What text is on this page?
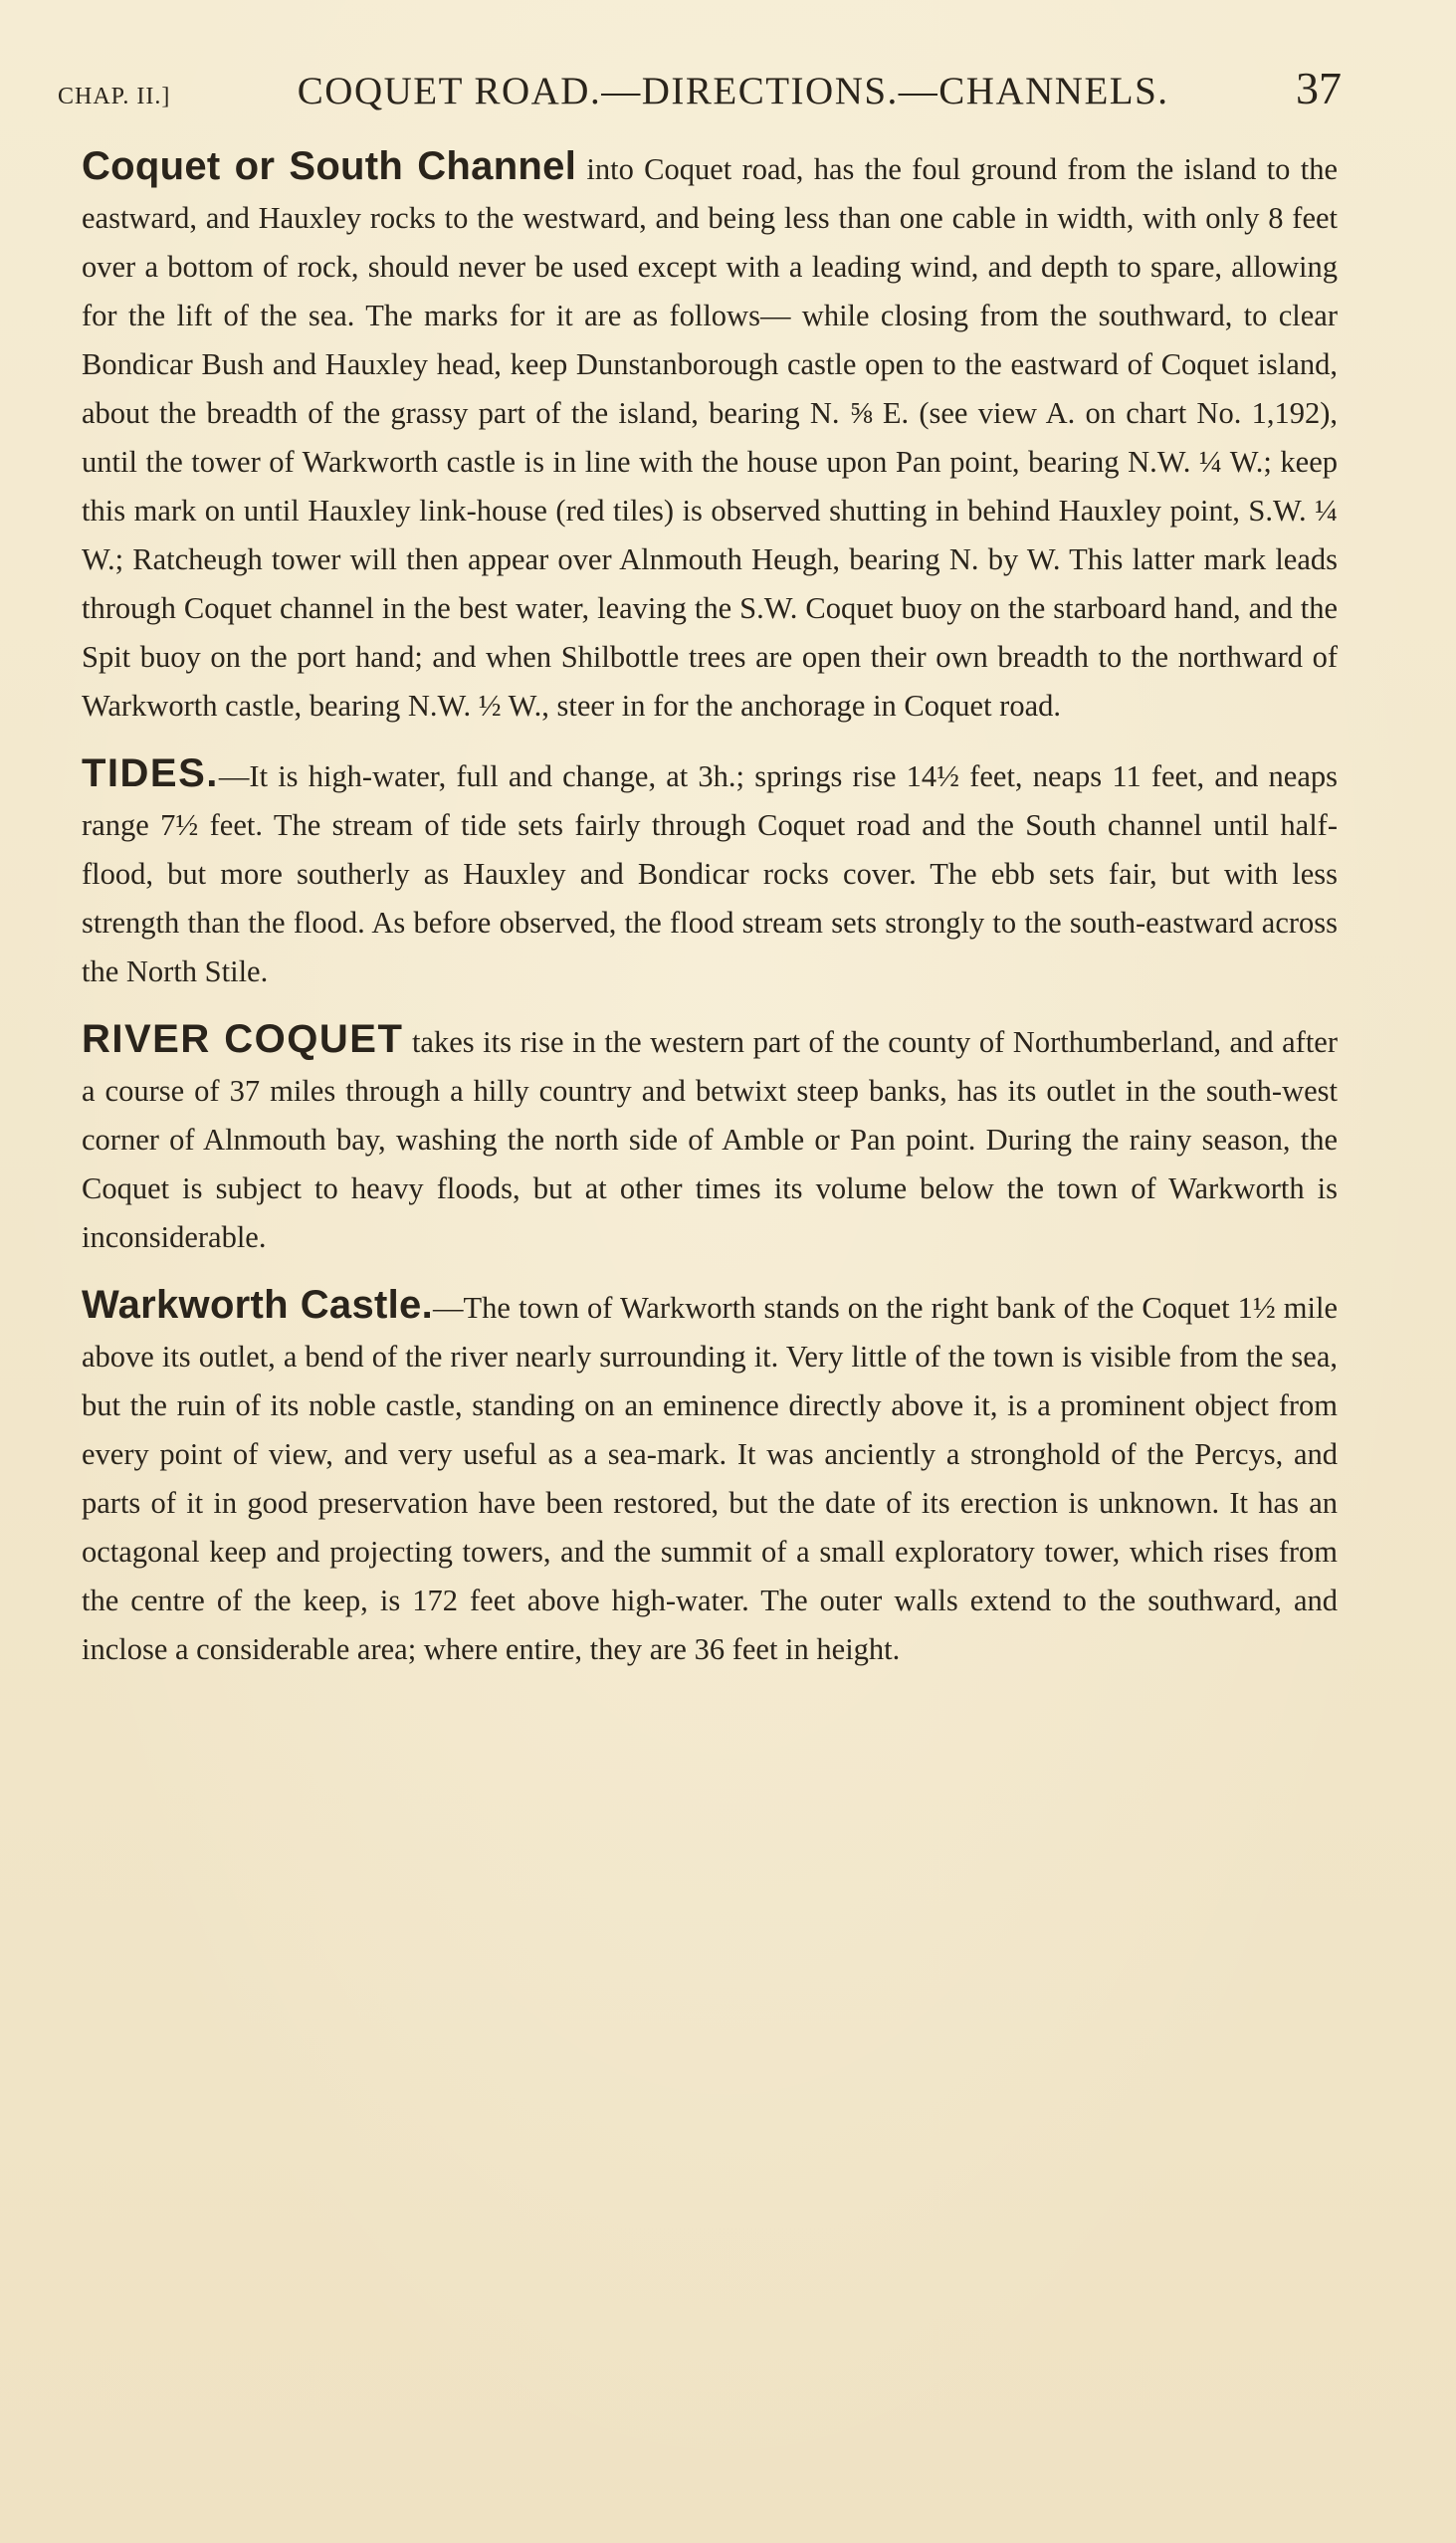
CHAP. II.]	COQUET ROAD.—DIRECTIONS.—CHANNELS.	37

Coquet or South Channel into Coquet road, has the foul ground from the island to the eastward, and Hauxley rocks to the westward, and being less than one cable in width, with only 8 feet over a bottom of rock, should never be used except with a leading wind, and depth to spare, allowing for the lift of the sea. The marks for it are as follows— while closing from the southward, to clear Bondicar Bush and Hauxley head, keep Dunstanborough castle open to the eastward of Coquet island, about the breadth of the grassy part of the island, bearing N. ⅝ E. (see view A. on chart No. 1,192), until the tower of Warkworth castle is in line with the house upon Pan point, bearing N.W. ¼ W.; keep this mark on until Hauxley link-house (red tiles) is observed shutting in behind Hauxley point, S.W. ¼ W.; Ratcheugh tower will then appear over Alnmouth Heugh, bearing N. by W. This latter mark leads through Coquet channel in the best water, leaving the S.W. Coquet buoy on the starboard hand, and the Spit buoy on the port hand; and when Shilbottle trees are open their own breadth to the northward of Warkworth castle, bearing N.W. ½ W., steer in for the anchorage in Coquet road.

TIDES.—It is high-water, full and change, at 3h.; springs rise 14½ feet, neaps 11 feet, and neaps range 7½ feet. The stream of tide sets fairly through Coquet road and the South channel until half-flood, but more southerly as Hauxley and Bondicar rocks cover. The ebb sets fair, but with less strength than the flood. As before observed, the flood stream sets strongly to the south-eastward across the North Stile.

RIVER COQUET takes its rise in the western part of the county of Northumberland, and after a course of 37 miles through a hilly country and betwixt steep banks, has its outlet in the south-west corner of Alnmouth bay, washing the north side of Amble or Pan point. During the rainy season, the Coquet is subject to heavy floods, but at other times its volume below the town of Warkworth is inconsiderable.

Warkworth Castle.—The town of Warkworth stands on the right bank of the Coquet 1½ mile above its outlet, a bend of the river nearly surrounding it. Very little of the town is visible from the sea, but the ruin of its noble castle, standing on an eminence directly above it, is a prominent object from every point of view, and very useful as a sea-mark. It was anciently a stronghold of the Percys, and parts of it in good preservation have been restored, but the date of its erection is unknown. It has an octagonal keep and projecting towers, and the summit of a small exploratory tower, which rises from the centre of the keep, is 172 feet above high-water. The outer walls extend to the southward, and inclose a considerable area; where entire, they are 36 feet in height.
